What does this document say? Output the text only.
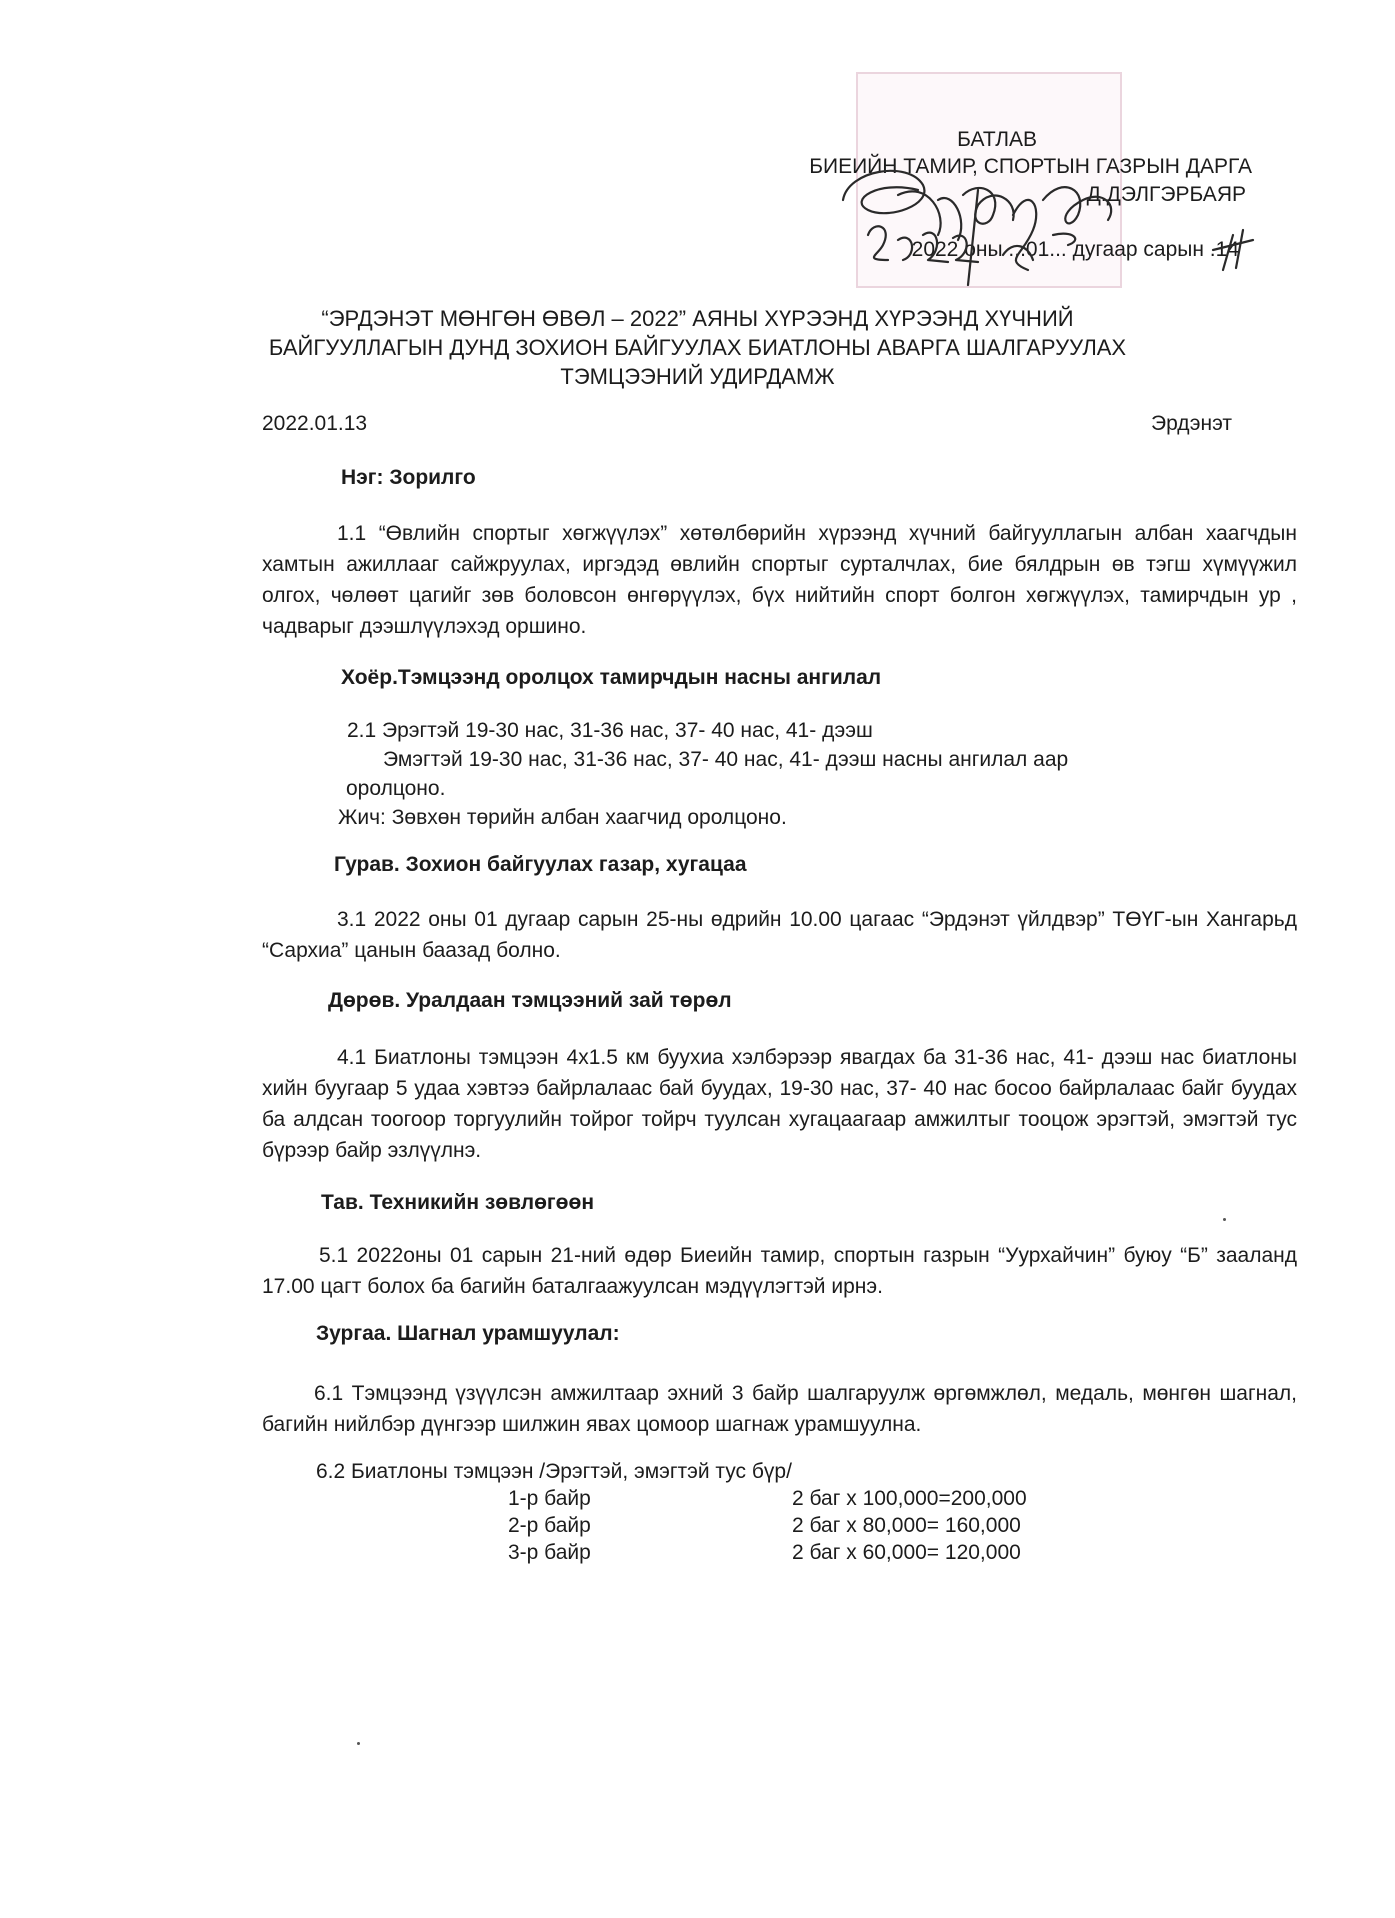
БАТЛАВ
БИЕИЙН ТАМИР, СПОРТЫН ГАЗРЫН ДАРГА
Д.ДЭЛГЭРБАЯР
2022 оны ...01... дугаар сарын .14
“ЭРДЭНЭТ МӨНГӨН ӨВӨЛ – 2022” АЯНЫ ХҮРЭЭНД ХҮРЭЭНД ХҮЧНИЙ
БАЙГУУЛЛАГЫН ДУНД ЗОХИОН БАЙГУУЛАХ БИАТЛОНЫ АВАРГА ШАЛГАРУУЛАХ
ТЭМЦЭЭНИЙ УДИРДАМЖ
2022.01.13	Эрдэнэт
Нэг: Зорилго

1.1 “Өвлийн спортыг хөгжүүлэх” хөтөлбөрийн хүрээнд хүчний байгууллагын албан хаагчдын хамтын ажиллааг сайжруулах, иргэдэд өвлийн спортыг сурталчлах, бие бялдрын өв тэгш хүмүүжил олгох, чөлөөт цагийг зөв боловсон өнгөрүүлэх, бүх нийтийн спорт болгон хөгжүүлэх, тамирчдын ур , чадварыг дээшлүүлэхэд оршино.

Хоёр.Тэмцээнд оролцох тамирчдын насны ангилал
2.1 Эрэгтэй 19-30 нас, 31-36 нас, 37- 40 нас, 41- дээш
Эмэгтэй 19-30 нас, 31-36 нас, 37- 40 нас, 41- дээш насны ангилал аар
оролцоно.
Жич: Зөвхөн төрийн албан хаагчид оролцоно.
Гурав. Зохион байгуулах газар, хугацаа

3.1 2022 оны 01 дугаар сарын 25-ны өдрийн 10.00 цагаас “Эрдэнэт үйлдвэр” ТӨҮГ-ын Хангарьд “Сархиа” цанын баазад болно.

Дөрөв. Уралдаан тэмцээний зай төрөл

4.1 Биатлоны тэмцээн 4х1.5 км буухиа хэлбэрээр явагдах ба 31-36 нас, 41- дээш нас биатлоны хийн буугаар 5 удаа хэвтээ байрлалаас бай буудах, 19-30 нас, 37- 40 нас босоо байрлалаас байг буудах ба алдсан тоогоор торгуулийн тойрог тойрч туулсан хугацаагаар амжилтыг тооцож эрэгтэй, эмэгтэй тус бүрээр байр эзлүүлнэ.

Тав. Техникийн зөвлөгөөн

5.1 2022оны 01 сарын 21-ний өдөр Биеийн тамир, спортын газрын “Уурхайчин” буюу “Б” зааланд 17.00 цагт болох ба багийн баталгаажуулсан мэдүүлэгтэй ирнэ.

Зургаа. Шагнал урамшуулал:

6.1 Тэмцээнд үзүүлсэн амжилтаар эхний 3 байр шалгаруулж өргөмжлөл, медаль, мөнгөн шагнал, багийн нийлбэр дүнгээр шилжин явах цомоор шагнаж урамшуулна.

6.2 Биатлоны тэмцээн /Эрэгтэй, эмэгтэй тус бүр/
1-р байр	2 баг х 100,000=200,000
2-р байр	2 баг х 80,000= 160,000
3-р байр	2 баг х 60,000= 120,000
